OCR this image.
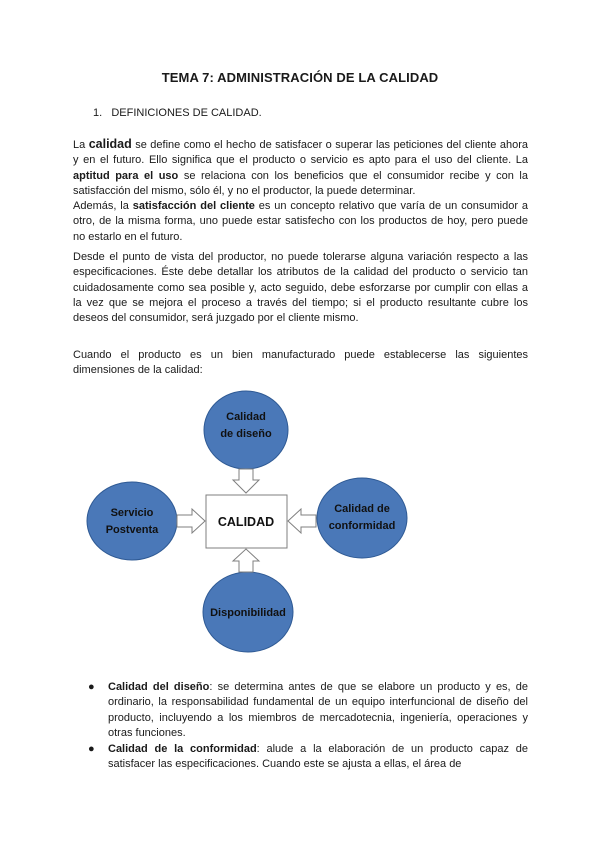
TEMA 7: ADMINISTRACIÓN DE LA CALIDAD
1. DEFINICIONES DE CALIDAD.
La calidad se define como el hecho de satisfacer o superar las peticiones del cliente ahora y en el futuro. Ello significa que el producto o servicio es apto para el uso del cliente. La aptitud para el uso se relaciona con los beneficios que el consumidor recibe y con la satisfacción del mismo, sólo él, y no el productor, la puede determinar.
Además, la satisfacción del cliente es un concepto relativo que varía de un consumidor a otro, de la misma forma, uno puede estar satisfecho con los productos de hoy, pero puede no estarlo en el futuro.
Desde el punto de vista del productor, no puede tolerarse alguna variación respecto a las especificaciones. Éste debe detallar los atributos de la calidad del producto o servicio tan cuidadosamente como sea posible y, acto seguido, debe esforzarse por cumplir con ellas a la vez que se mejora el proceso a través del tiempo; si el producto resultante cubre los deseos del consumidor, será juzgado por el cliente mismo.
Cuando el producto es un bien manufacturado puede establecerse las siguientes dimensiones de la calidad:
Calidad
de diseño
Servicio
Postventa
Calidad de
conformidad
Disponibilidad
CALIDAD
● Calidad del diseño: se determina antes de que se elabore un producto y es, de ordinario, la responsabilidad fundamental de un equipo interfuncional de diseño del producto, incluyendo a los miembros de mercadotecnia, ingeniería, operaciones y otras funciones.
● Calidad de la conformidad: alude a la elaboración de un producto capaz de satisfacer las especificaciones. Cuando este se ajusta a ellas, el área de
